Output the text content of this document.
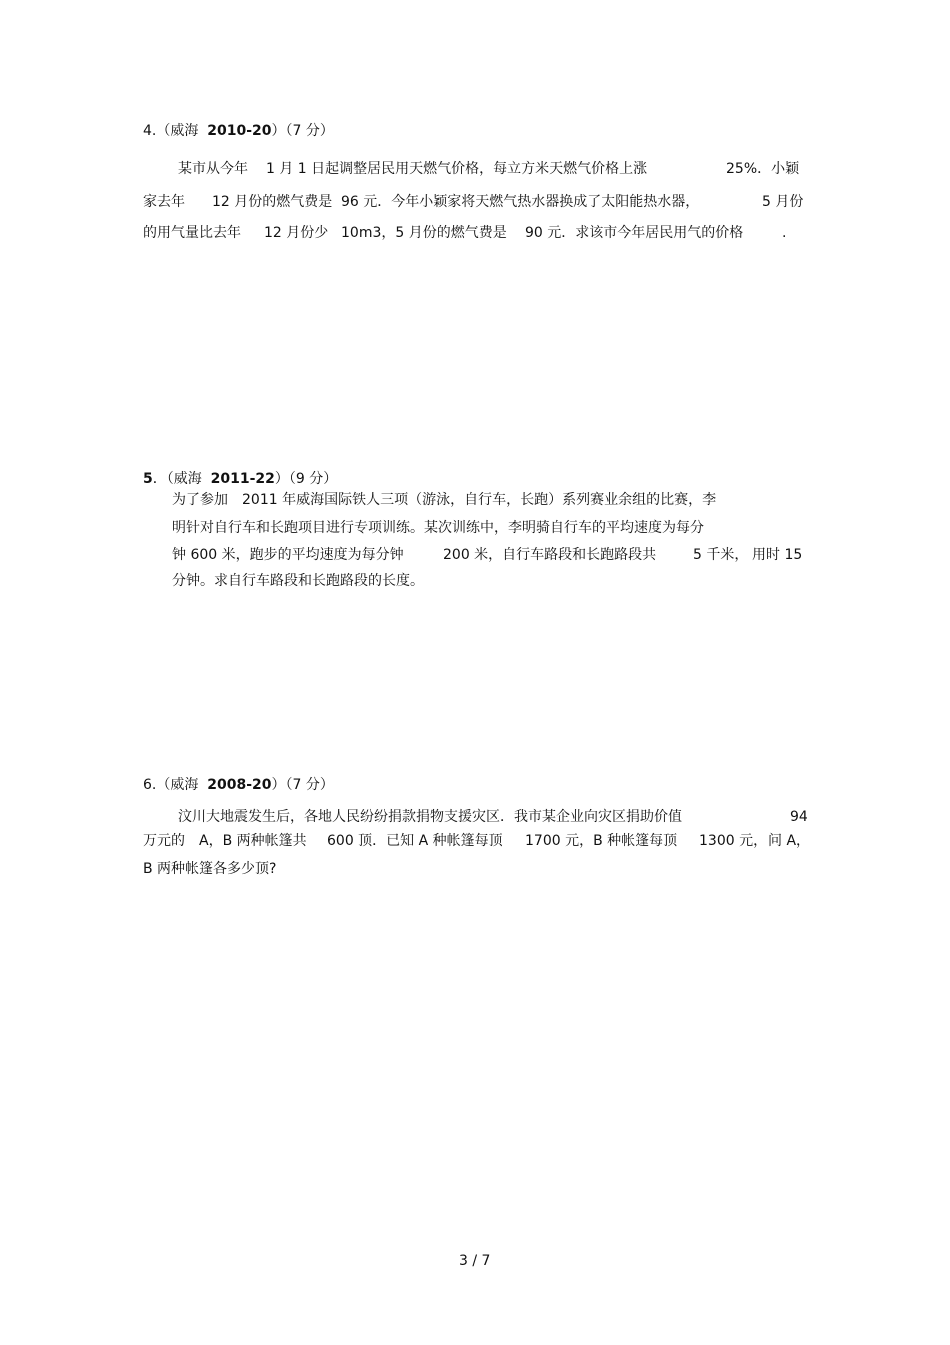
4.（威海 2010-20）（7 分）
某市从今年 1 月 1 日起调整居民用天燃气价格，每立方米天燃气价格上涨	25%．小颖
家去年 12 月份的燃气费是 96 元．今年小颖家将天燃气热水器换成了太阳能热水器，	5 月份
的用气量比去年 12 月份少 10m3，5 月份的燃气费是 90 元．求该市今年居民用气的价格	.
5．（威海 2011-22）（9 分）
为了参加　2011 年威海国际铁人三项（游泳，自行车，长跑）系列赛业余组的比赛，李
明针对自行车和长跑项目进行专项训练。某次训练中，李明骑自行车的平均速度为每分
钟 600 米，跑步的平均速度为每分钟	200 米，自行车路段和长跑路段共	5 千米， 用时 15
分钟。求自行车路段和长跑路段的长度。
6.（威海 2008-20）（7 分）
汶川大地震发生后，各地人民纷纷捐款捐物支援灾区．我市某企业向灾区捐助价值	94
万元的 A，B 两种帐篷共 600 顶．已知 A 种帐篷每顶 1700 元，B 种帐篷每顶 1300 元， 问 A，
B 两种帐篷各多少顶?
3 / 7
